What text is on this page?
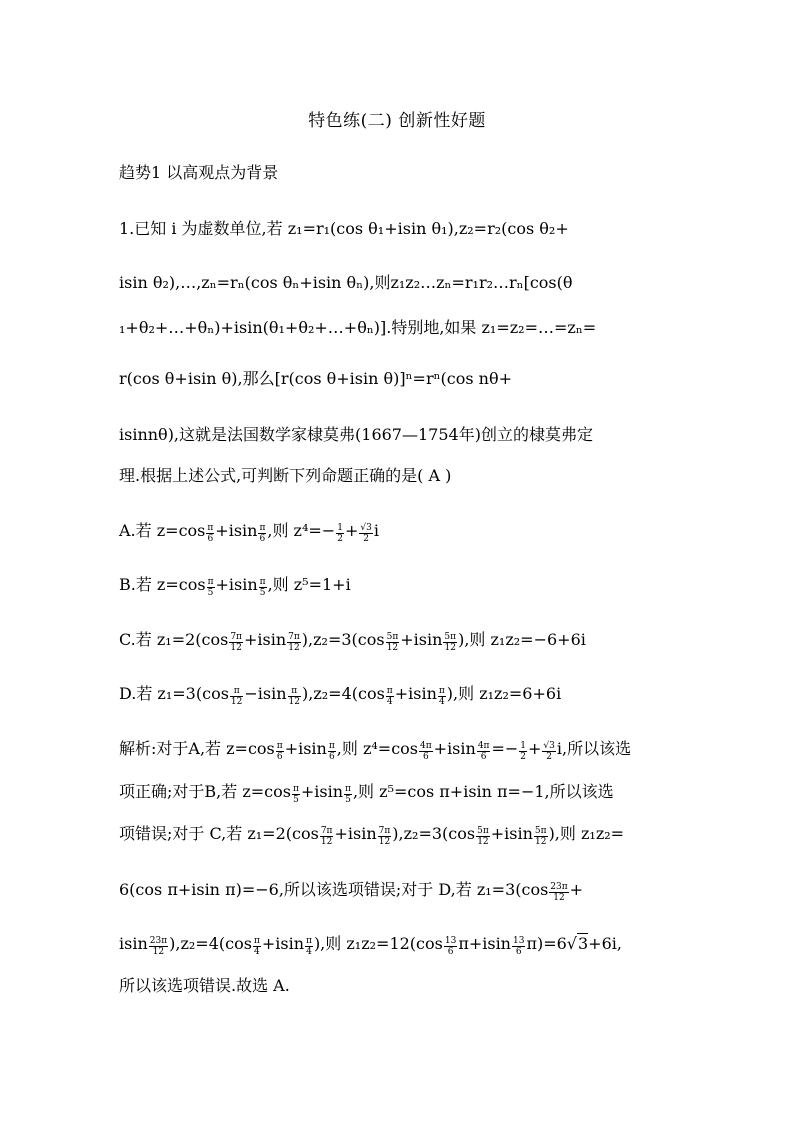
特色练(二) 创新性好题
趋势1 以高观点为背景
1.已知 i 为虚数单位,若 z₁=r₁(cos θ₁+isin θ₁),z₂=r₂(cos θ₂+
isin θ₂),…,zₙ=rₙ(cos θₙ+isin θₙ),则z₁z₂…zₙ=r₁r₂…rₙ[cos(θ
₁+θ₂+…+θₙ)+isin(θ₁+θ₂+…+θₙ)].特别地,如果 z₁=z₂=…=zₙ=
r(cos θ+isin θ),那么[r(cos θ+isin θ)]ⁿ=rⁿ(cos nθ+
isinnθ),这就是法国数学家棣莫弗(1667—1754年)创立的棣莫弗定
理.根据上述公式,可判断下列命题正确的是( A )
A.若 $z=\cos \frac{\pi}{6} +isin \frac{\pi}{6}$ ,则 $z^4=- \frac{1}{2} + \frac{√3}{2}$ i
B.若 $z=\cos \frac{\pi}{5} +isin \frac{\pi}{5}$ ,则 z⁵=1+i
C.若 $z_1=2(\cos \frac{7\pi}{12} +isin \frac{7\pi}{12} ),z_2=3(\cos \frac{5\pi}{12} +isin \frac{5\pi}{12}$ ),则 z₁z₂=−6+6i
D.若 $z_1=3(\cos \frac{\pi}{12} -isin \frac{\pi}{12} ),z_2=4(\cos \frac{\pi}{4} +isin \frac{\pi}{4}$ ),则 z₁z₂=6+6i
解析:对于A,若 $z=\cos \frac{\pi}{6} +isin \frac{\pi}{6}$ ,则 $z^4=\cos \frac{4\pi}{6} +isin \frac{4\pi}{6} =- \frac{1}{2} + \frac{√3}{2} i$,所以该选
项正确;对于B,若 $z=\cos \frac{\pi}{5} +isin \frac{\pi}{5}$ ,则 z⁵=cos π+isin π=−1,所以该选
项错误;对于 C,若 $z_1=2(\cos \frac{7\pi}{12} +isin \frac{7\pi}{12} ),z_2=3(\cos \frac{5\pi}{12} +isin \frac{5\pi}{12}$ ),则 z₁z₂=
6(cos π+isin π)=−6,所以该选项错误;对于 D,若 $z_1=3(\cos \frac{23\pi}{12}$ +
isin $\frac{23\pi}{12} ),z_2=4(\cos \frac{\pi}{4} +isin \frac{\pi}{4}$ ),则 $z_1z_2=12(\cos \frac{13}{6} \pi+isin \frac{13}{6} \pi)=6√3+6i$,
所以该选项错误.故选 A.
